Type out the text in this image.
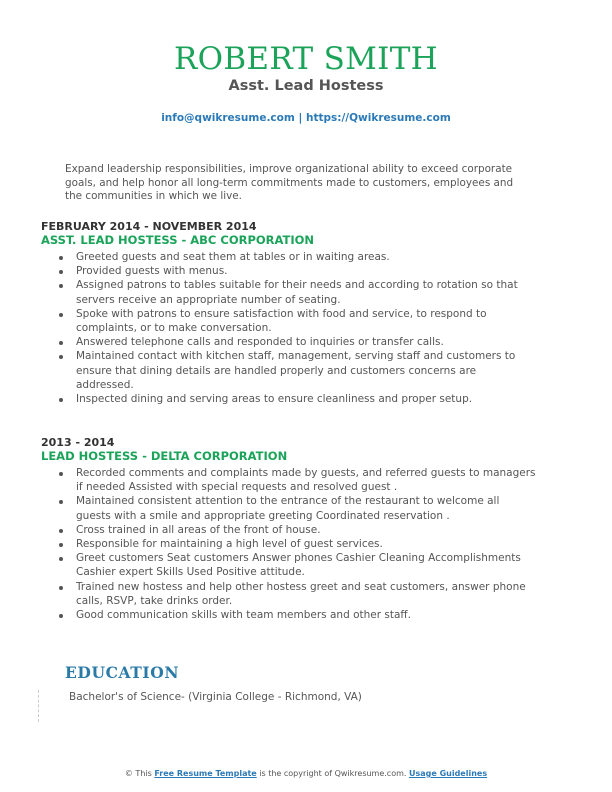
ROBERT SMITH
Asst. Lead Hostess
info@qwikresume.com | https://Qwikresume.com
Expand leadership responsibilities, improve organizational ability to exceed corporate goals, and help honor all long-term commitments made to customers, employees and the communities in which we live.
FEBRUARY 2014 - NOVEMBER 2014
ASST. LEAD HOSTESS - ABC CORPORATION
Greeted guests and seat them at tables or in waiting areas.
Provided guests with menus.
Assigned patrons to tables suitable for their needs and according to rotation so that servers receive an appropriate number of seating.
Spoke with patrons to ensure satisfaction with food and service, to respond to complaints, or to make conversation.
Answered telephone calls and responded to inquiries or transfer calls.
Maintained contact with kitchen staff, management, serving staff and customers to ensure that dining details are handled properly and customers concerns are addressed.
Inspected dining and serving areas to ensure cleanliness and proper setup.
2013 - 2014
LEAD HOSTESS - DELTA CORPORATION
Recorded comments and complaints made by guests, and referred guests to managers if needed Assisted with special requests and resolved guest .
Maintained consistent attention to the entrance of the restaurant to welcome all guests with a smile and appropriate greeting Coordinated reservation .
Cross trained in all areas of the front of house.
Responsible for maintaining a high level of guest services.
Greet customers Seat customers Answer phones Cashier Cleaning Accomplishments Cashier expert Skills Used Positive attitude.
Trained new hostess and help other hostess greet and seat customers, answer phone calls, RSVP, take drinks order.
Good communication skills with team members and other staff.
EDUCATION
Bachelor's of Science- (Virginia College - Richmond, VA)
© This Free Resume Template is the copyright of Qwikresume.com. Usage Guidelines
